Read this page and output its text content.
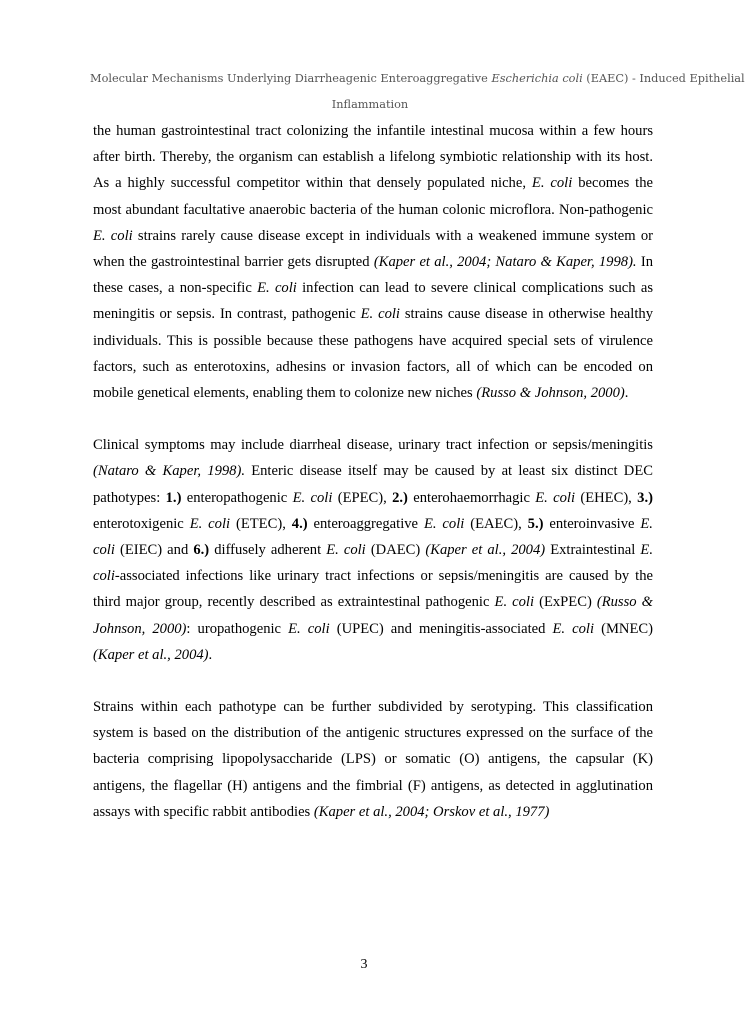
Molecular Mechanisms Underlying Diarrheagenic Enteroaggregative Escherichia coli (EAEC) - Induced Epithelial
Inflammation

the human gastrointestinal tract colonizing the infantile intestinal mucosa within a few hours after birth. Thereby, the organism can establish a lifelong symbiotic relationship with its host. As a highly successful competitor within that densely populated niche, E. coli becomes the most abundant facultative anaerobic bacteria of the human colonic microflora. Non-pathogenic E. coli strains rarely cause disease except in individuals with a weakened immune system or when the gastrointestinal barrier gets disrupted (Kaper et al., 2004; Nataro & Kaper, 1998). In these cases, a non-specific E. coli infection can lead to severe clinical complications such as meningitis or sepsis. In contrast, pathogenic E. coli strains cause disease in otherwise healthy individuals. This is possible because these pathogens have acquired special sets of virulence factors, such as enterotoxins, adhesins or invasion factors, all of which can be encoded on mobile genetical elements, enabling them to colonize new niches (Russo & Johnson, 2000).

Clinical symptoms may include diarrheal disease, urinary tract infection or sepsis/meningitis (Nataro & Kaper, 1998). Enteric disease itself may be caused by at least six distinct DEC pathotypes: 1.) enteropathogenic E. coli (EPEC), 2.) enterohaemorrhagic E. coli (EHEC), 3.) enterotoxigenic E. coli (ETEC), 4.) enteroaggregative E. coli (EAEC), 5.) enteroinvasive E. coli (EIEC) and 6.) diffusely adherent E. coli (DAEC) (Kaper et al., 2004) Extraintestinal E. coli-associated infections like urinary tract infections or sepsis/meningitis are caused by the third major group, recently described as extraintestinal pathogenic E. coli (ExPEC) (Russo & Johnson, 2000): uropathogenic E. coli (UPEC) and meningitis-associated E. coli (MNEC) (Kaper et al., 2004).

Strains within each pathotype can be further subdivided by serotyping. This classification system is based on the distribution of the antigenic structures expressed on the surface of the bacteria comprising lipopolysaccharide (LPS) or somatic (O) antigens, the capsular (K) antigens, the flagellar (H) antigens and the fimbrial (F) antigens, as detected in agglutination assays with specific rabbit antibodies (Kaper et al., 2004; Orskov et al., 1977)

3
